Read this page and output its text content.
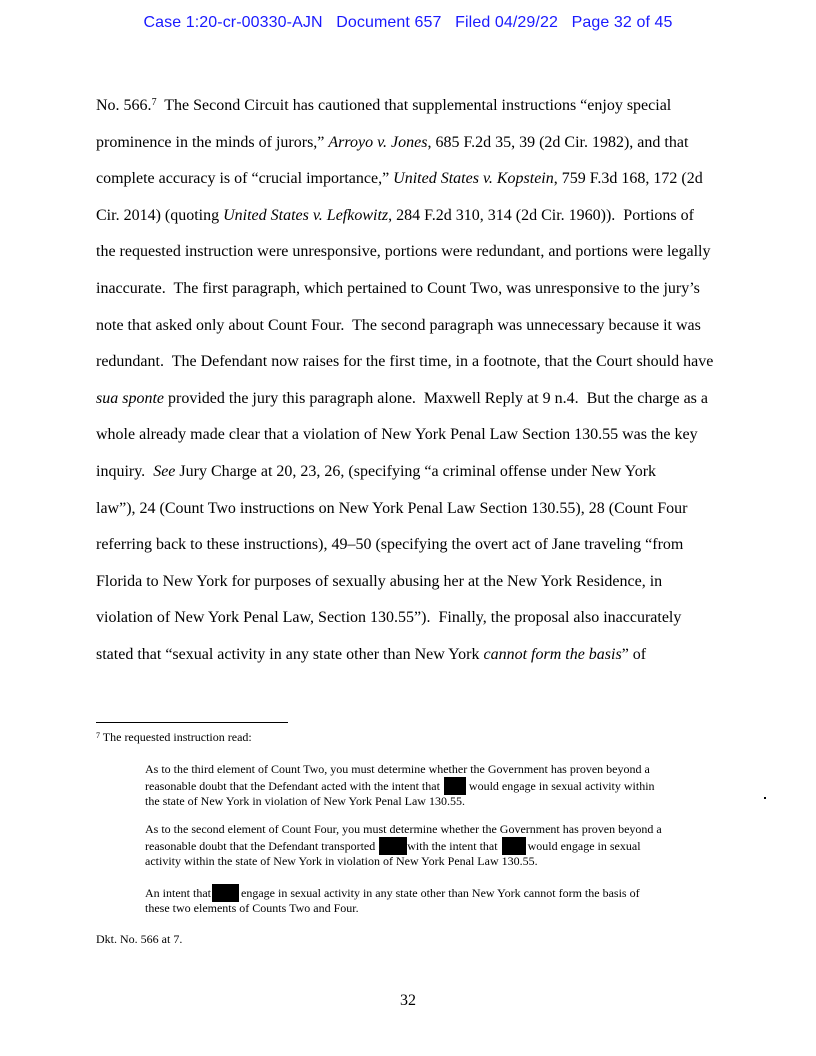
Case 1:20-cr-00330-AJN Document 657 Filed 04/29/22 Page 32 of 45
No. 566.$^7$  The Second Circuit has cautioned that supplemental instructions “enjoy special
prominence in the minds of jurors,” Arroyo v. Jones, 685 F.2d 35, 39 (2d Cir. 1982), and that
complete accuracy is of “crucial importance,” United States v. Kopstein, 759 F.3d 168, 172 (2d
Cir. 2014) (quoting United States v. Lefkowitz, 284 F.2d 310, 314 (2d Cir. 1960)).  Portions of
the requested instruction were unresponsive, portions were redundant, and portions were legally
inaccurate.  The first paragraph, which pertained to Count Two, was unresponsive to the jury’s
note that asked only about Count Four.  The second paragraph was unnecessary because it was
redundant.  The Defendant now raises for the first time, in a footnote, that the Court should have
sua sponte provided the jury this paragraph alone.  Maxwell Reply at 9 n.4.  But the charge as a
whole already made clear that a violation of New York Penal Law Section 130.55 was the key
inquiry.  See Jury Charge at 20, 23, 26, (specifying “a criminal offense under New York
law”), 24 (Count Two instructions on New York Penal Law Section 130.55), 28 (Count Four
referring back to these instructions), 49–50 (specifying the overt act of Jane traveling “from
Florida to New York for purposes of sexually abusing her at the New York Residence, in
violation of New York Penal Law, Section 130.55”).  Finally, the proposal also inaccurately
stated that “sexual activity in any state other than New York cannot form the basis” of
$^7$ The requested instruction read:
As to the third element of Count Two, you must determine whether the Government has proven beyond a
reasonable doubt that the Defendant acted with the intent that would engage in sexual activity within
the state of New York in violation of New York Penal Law 130.55.
As to the second element of Count Four, you must determine whether the Government has proven beyond a
reasonable doubt that the Defendant transported	with the intent that	would engage in sexual
activity within the state of New York in violation of New York Penal Law 130.55.
An intent that	engage in sexual activity in any state other than New York cannot form the basis of
these two elements of Counts Two and Four.
Dkt. No. 566 at 7.
32
